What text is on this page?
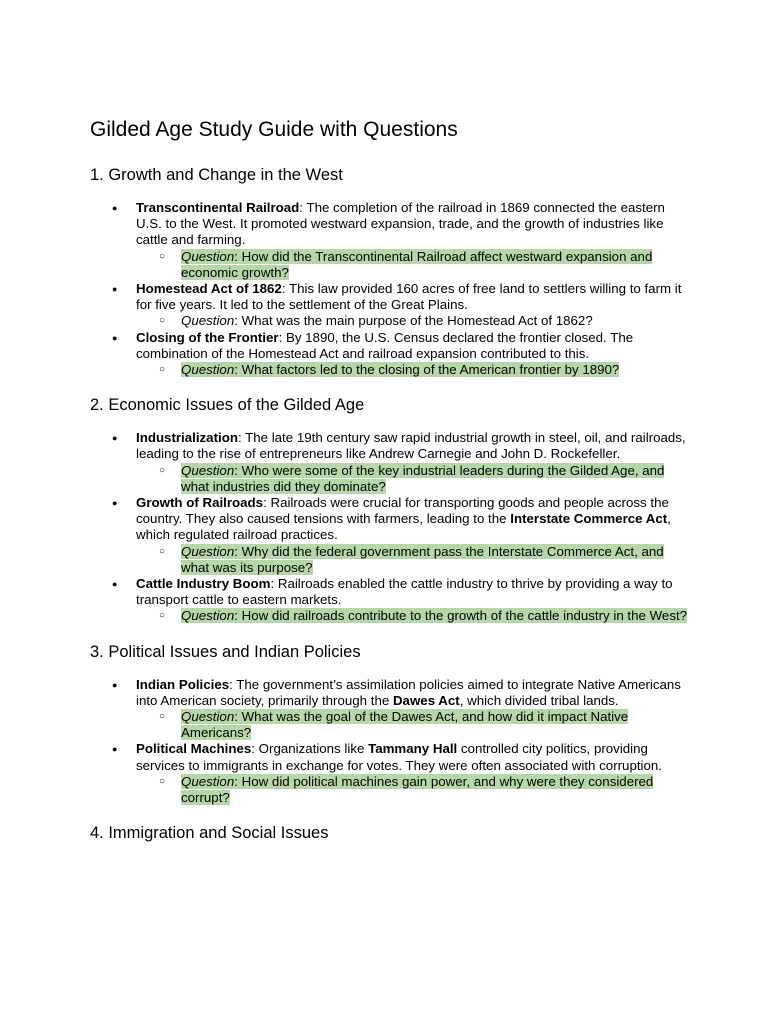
Gilded Age Study Guide with Questions
1. Growth and Change in the West
● Transcontinental Railroad: The completion of the railroad in 1869 connected the eastern U.S. to the West. It promoted westward expansion, trade, and the growth of industries like cattle and farming.
○ Question: How did the Transcontinental Railroad affect westward expansion and economic growth?
● Homestead Act of 1862: This law provided 160 acres of free land to settlers willing to farm it for five years. It led to the settlement of the Great Plains.
○ Question: What was the main purpose of the Homestead Act of 1862?
● Closing of the Frontier: By 1890, the U.S. Census declared the frontier closed. The combination of the Homestead Act and railroad expansion contributed to this.
○ Question: What factors led to the closing of the American frontier by 1890?
2. Economic Issues of the Gilded Age
● Industrialization: The late 19th century saw rapid industrial growth in steel, oil, and railroads, leading to the rise of entrepreneurs like Andrew Carnegie and John D. Rockefeller.
○ Question: Who were some of the key industrial leaders during the Gilded Age, and what industries did they dominate?
● Growth of Railroads: Railroads were crucial for transporting goods and people across the country. They also caused tensions with farmers, leading to the Interstate Commerce Act, which regulated railroad practices.
○ Question: Why did the federal government pass the Interstate Commerce Act, and what was its purpose?
● Cattle Industry Boom: Railroads enabled the cattle industry to thrive by providing a way to transport cattle to eastern markets.
○ Question: How did railroads contribute to the growth of the cattle industry in the West?
3. Political Issues and Indian Policies
● Indian Policies: The government’s assimilation policies aimed to integrate Native Americans into American society, primarily through the Dawes Act, which divided tribal lands.
○ Question: What was the goal of the Dawes Act, and how did it impact Native Americans?
● Political Machines: Organizations like Tammany Hall controlled city politics, providing services to immigrants in exchange for votes. They were often associated with corruption.
○ Question: How did political machines gain power, and why were they considered corrupt?
4. Immigration and Social Issues
